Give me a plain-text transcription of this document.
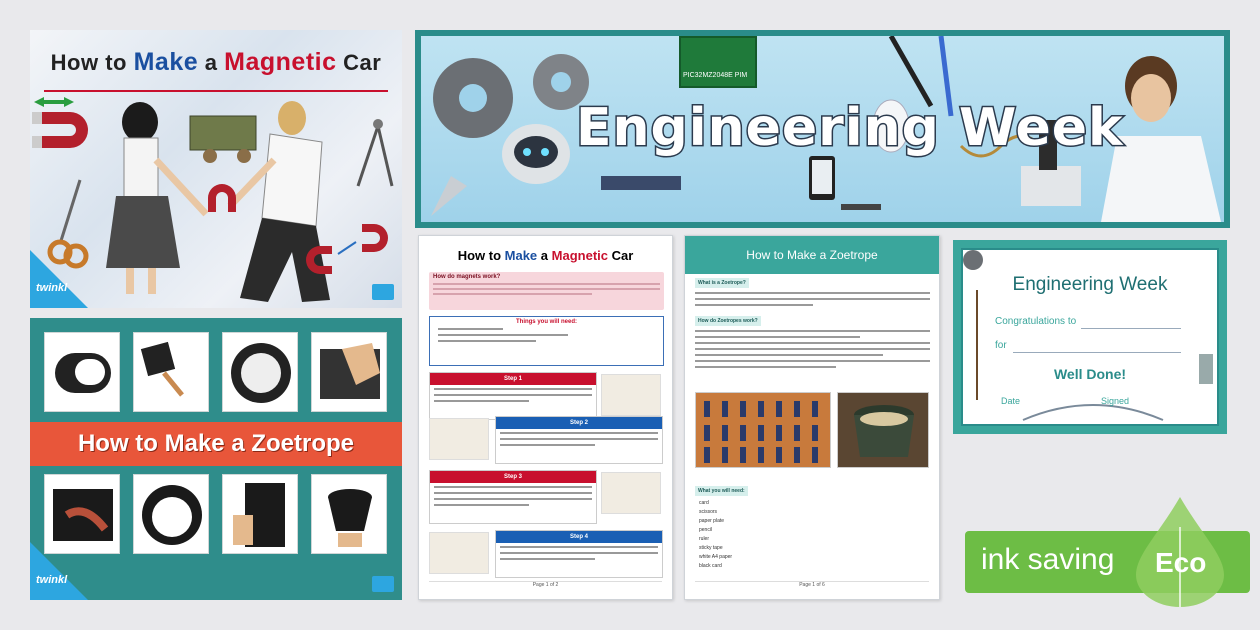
How to Make a Magnetic Car
twinkl
How to Make a Zoetrope
twinkl
PIC32MZ2048E PIM
Engineering Week
How to Make a Magnetic Car
How do magnets work?
Things you will need:
Step 1
Step 2
Step 3
Step 4
Page 1 of 2
How to Make a Zoetrope
What is a Zoetrope?
How do Zoetropes work?
What you will need:
card
scissors
paper plate
pencil
ruler
sticky tape
white A4 paper
black card
Page 1 of 6
Engineering Week
Congratulations to
for
Well Done!
Date	Signed
ink saving Eco
